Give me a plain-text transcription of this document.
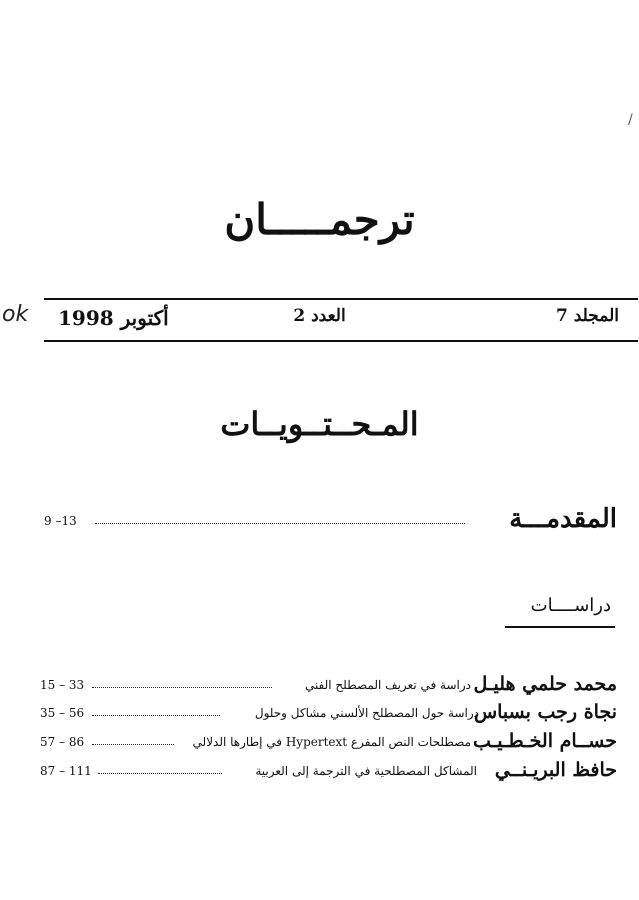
ok
/
ترجمـــــان
المجلد 7
العدد 2
أكتوبر 1998
المـحــتــويــات
المقدمـــة
9 –13
دراســــات
محمد حلمي هليـل
دراسة في تعريف المصطلح الفني
15 – 33
نجاة رجب بسباس
دراسة حول المصطلح الألسني مشاكل وحلول
35 – 56
حســام الخـطـيـب
مصطلحات النص المفرع Hypertext في إطارها الدلالي
57 – 86
حافظ البريـنــي
المشاكل المصطلحية في الترجمة إلى العربية
87 – 111
